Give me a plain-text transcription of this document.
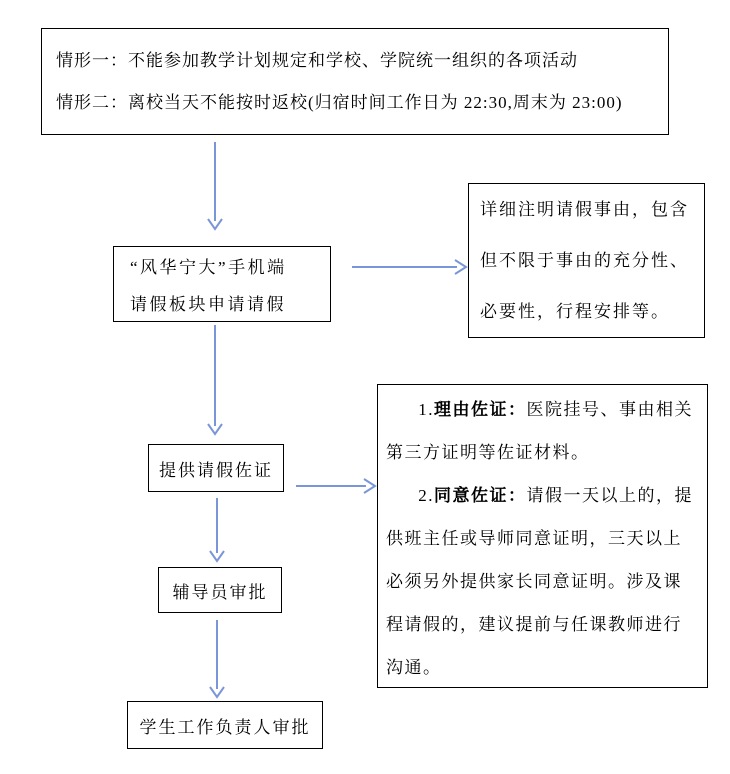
情形一：不能参加教学计划规定和学校、学院统一组织的各项活动

情形二：离校当天不能按时返校(归宿时间工作日为 22:30,周末为 23:00)

“风华宁大”手机端

请假板块申请请假

详细注明请假事由，包含

但不限于事由的充分性、

必要性，行程安排等。

提供请假佐证

1.理由佐证：医院挂号、事由相关第三方证明等佐证材料。

2.同意佐证：请假一天以上的，提供班主任或导师同意证明，三天以上必须另外提供家长同意证明。涉及课程请假的，建议提前与任课教师进行沟通。

辅导员审批
学生工作负责人审批
